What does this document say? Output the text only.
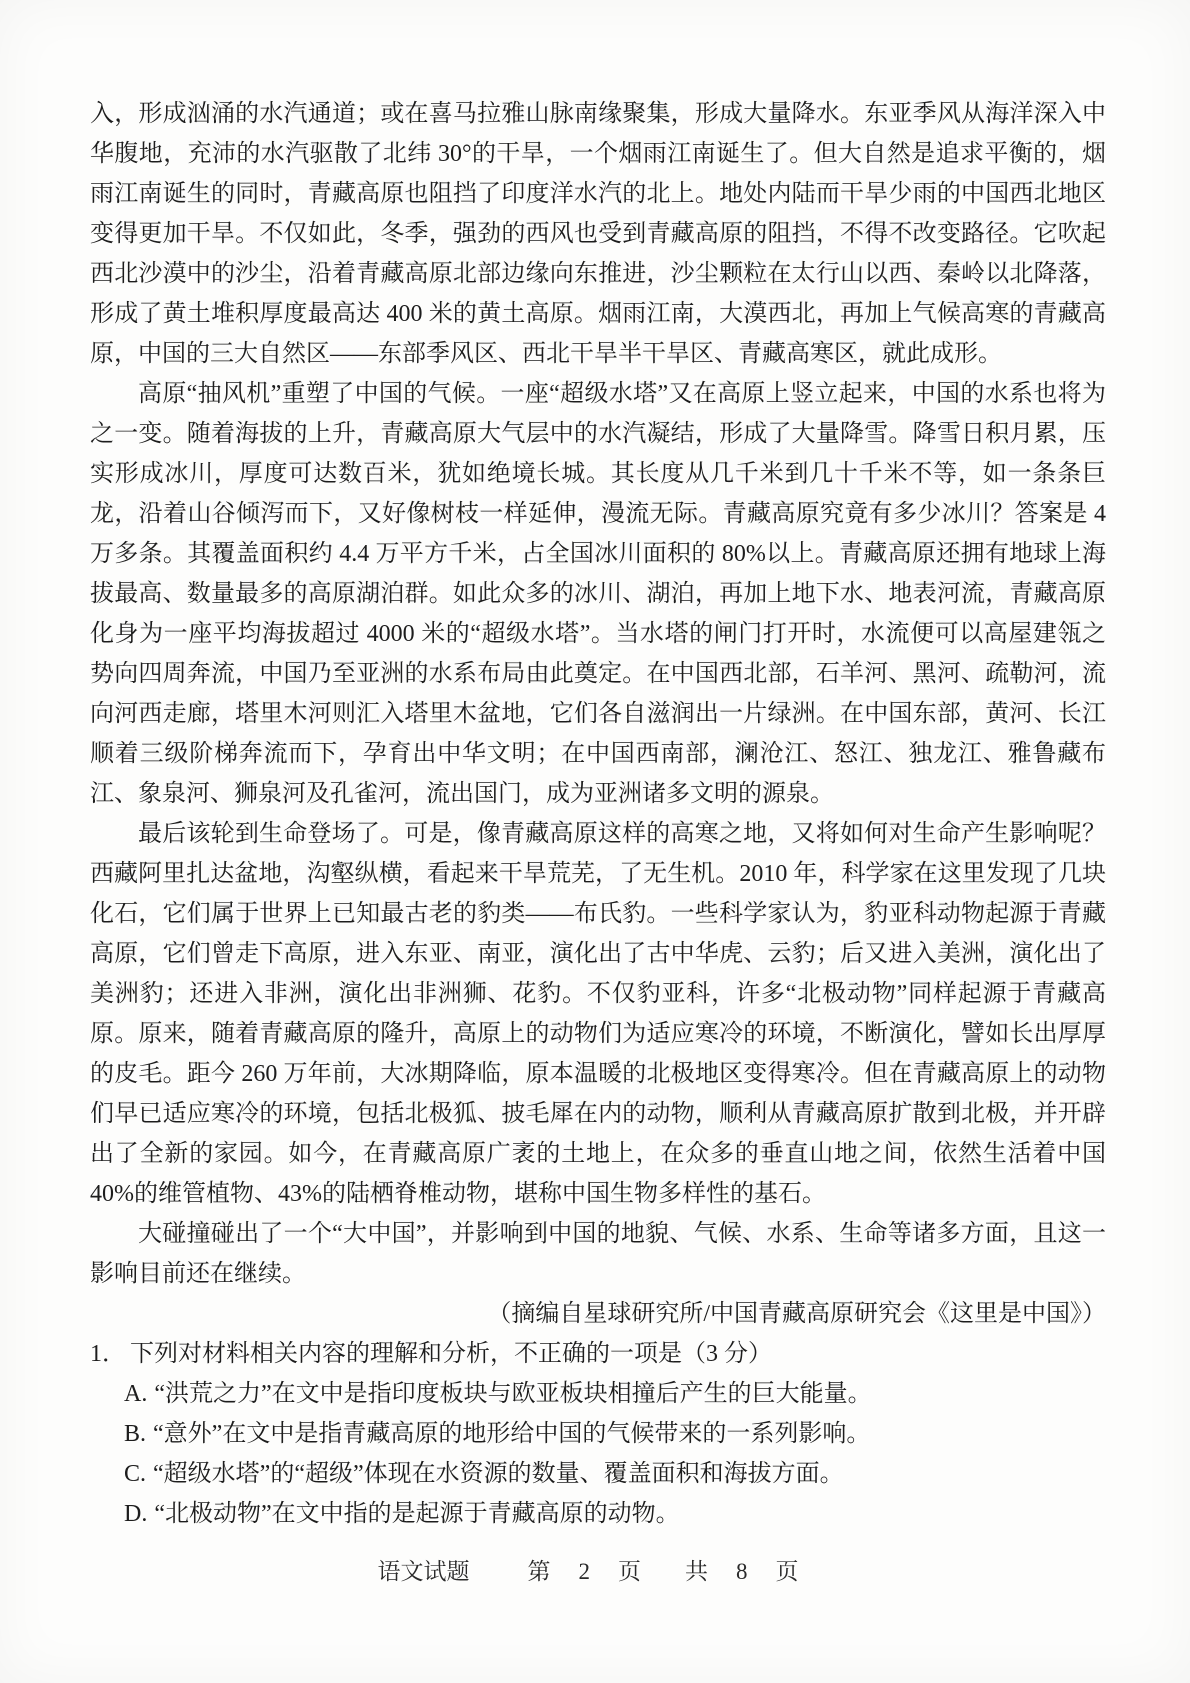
入，形成汹涌的水汽通道；或在喜马拉雅山脉南缘聚集，形成大量降水。东亚季风从海洋深入中华腹地，充沛的水汽驱散了北纬 30°的干旱，一个烟雨江南诞生了。但大自然是追求平衡的，烟雨江南诞生的同时，青藏高原也阻挡了印度洋水汽的北上。地处内陆而干旱少雨的中国西北地区变得更加干旱。不仅如此，冬季，强劲的西风也受到青藏高原的阻挡，不得不改变路径。它吹起西北沙漠中的沙尘，沿着青藏高原北部边缘向东推进，沙尘颗粒在太行山以西、秦岭以北降落，形成了黄土堆积厚度最高达 400 米的黄土高原。烟雨江南，大漠西北，再加上气候高寒的青藏高原，中国的三大自然区——东部季风区、西北干旱半干旱区、青藏高寒区，就此成形。

高原“抽风机”重塑了中国的气候。一座“超级水塔”又在高原上竖立起来，中国的水系也将为之一变。随着海拔的上升，青藏高原大气层中的水汽凝结，形成了大量降雪。降雪日积月累，压实形成冰川，厚度可达数百米，犹如绝境长城。其长度从几千米到几十千米不等，如一条条巨龙，沿着山谷倾泻而下，又好像树枝一样延伸，漫流无际。青藏高原究竟有多少冰川？答案是 4 万多条。其覆盖面积约 4.4 万平方千米，占全国冰川面积的 80%以上。青藏高原还拥有地球上海拔最高、数量最多的高原湖泊群。如此众多的冰川、湖泊，再加上地下水、地表河流，青藏高原化身为一座平均海拔超过 4000 米的“超级水塔”。当水塔的闸门打开时，水流便可以高屋建瓴之势向四周奔流，中国乃至亚洲的水系布局由此奠定。在中国西北部，石羊河、黑河、疏勒河，流向河西走廊，塔里木河则汇入塔里木盆地，它们各自滋润出一片绿洲。在中国东部，黄河、长江顺着三级阶梯奔流而下，孕育出中华文明；在中国西南部，澜沧江、怒江、独龙江、雅鲁藏布江、象泉河、狮泉河及孔雀河，流出国门，成为亚洲诸多文明的源泉。

最后该轮到生命登场了。可是，像青藏高原这样的高寒之地，又将如何对生命产生影响呢？西藏阿里扎达盆地，沟壑纵横，看起来干旱荒芜，了无生机。2010 年，科学家在这里发现了几块化石，它们属于世界上已知最古老的豹类——布氏豹。一些科学家认为，豹亚科动物起源于青藏高原，它们曾走下高原，进入东亚、南亚，演化出了古中华虎、云豹；后又进入美洲，演化出了美洲豹；还进入非洲，演化出非洲狮、花豹。不仅豹亚科，许多“北极动物”同样起源于青藏高原。原来，随着青藏高原的隆升，高原上的动物们为适应寒冷的环境，不断演化，譬如长出厚厚的皮毛。距今 260 万年前，大冰期降临，原本温暖的北极地区变得寒冷。但在青藏高原上的动物们早已适应寒冷的环境，包括北极狐、披毛犀在内的动物，顺利从青藏高原扩散到北极，并开辟出了全新的家园。如今，在青藏高原广袤的土地上，在众多的垂直山地之间，依然生活着中国 40%的维管植物、43%的陆栖脊椎动物，堪称中国生物多样性的基石。

大碰撞碰出了一个“大中国”，并影响到中国的地貌、气候、水系、生命等诸多方面，且这一影响目前还在继续。

（摘编自星球研究所/中国青藏高原研究会《这里是中国》）

1． 下列对材料相关内容的理解和分析，不正确的一项是（3 分）

A. “洪荒之力”在文中是指印度板块与欧亚板块相撞后产生的巨大能量。

B. “意外”在文中是指青藏高原的地形给中国的气候带来的一系列影响。

C. “超级水塔”的“超级”体现在水资源的数量、覆盖面积和海拔方面。

D. “北极动物”在文中指的是起源于青藏高原的动物。

语文试题	第 2 页 共 8 页
